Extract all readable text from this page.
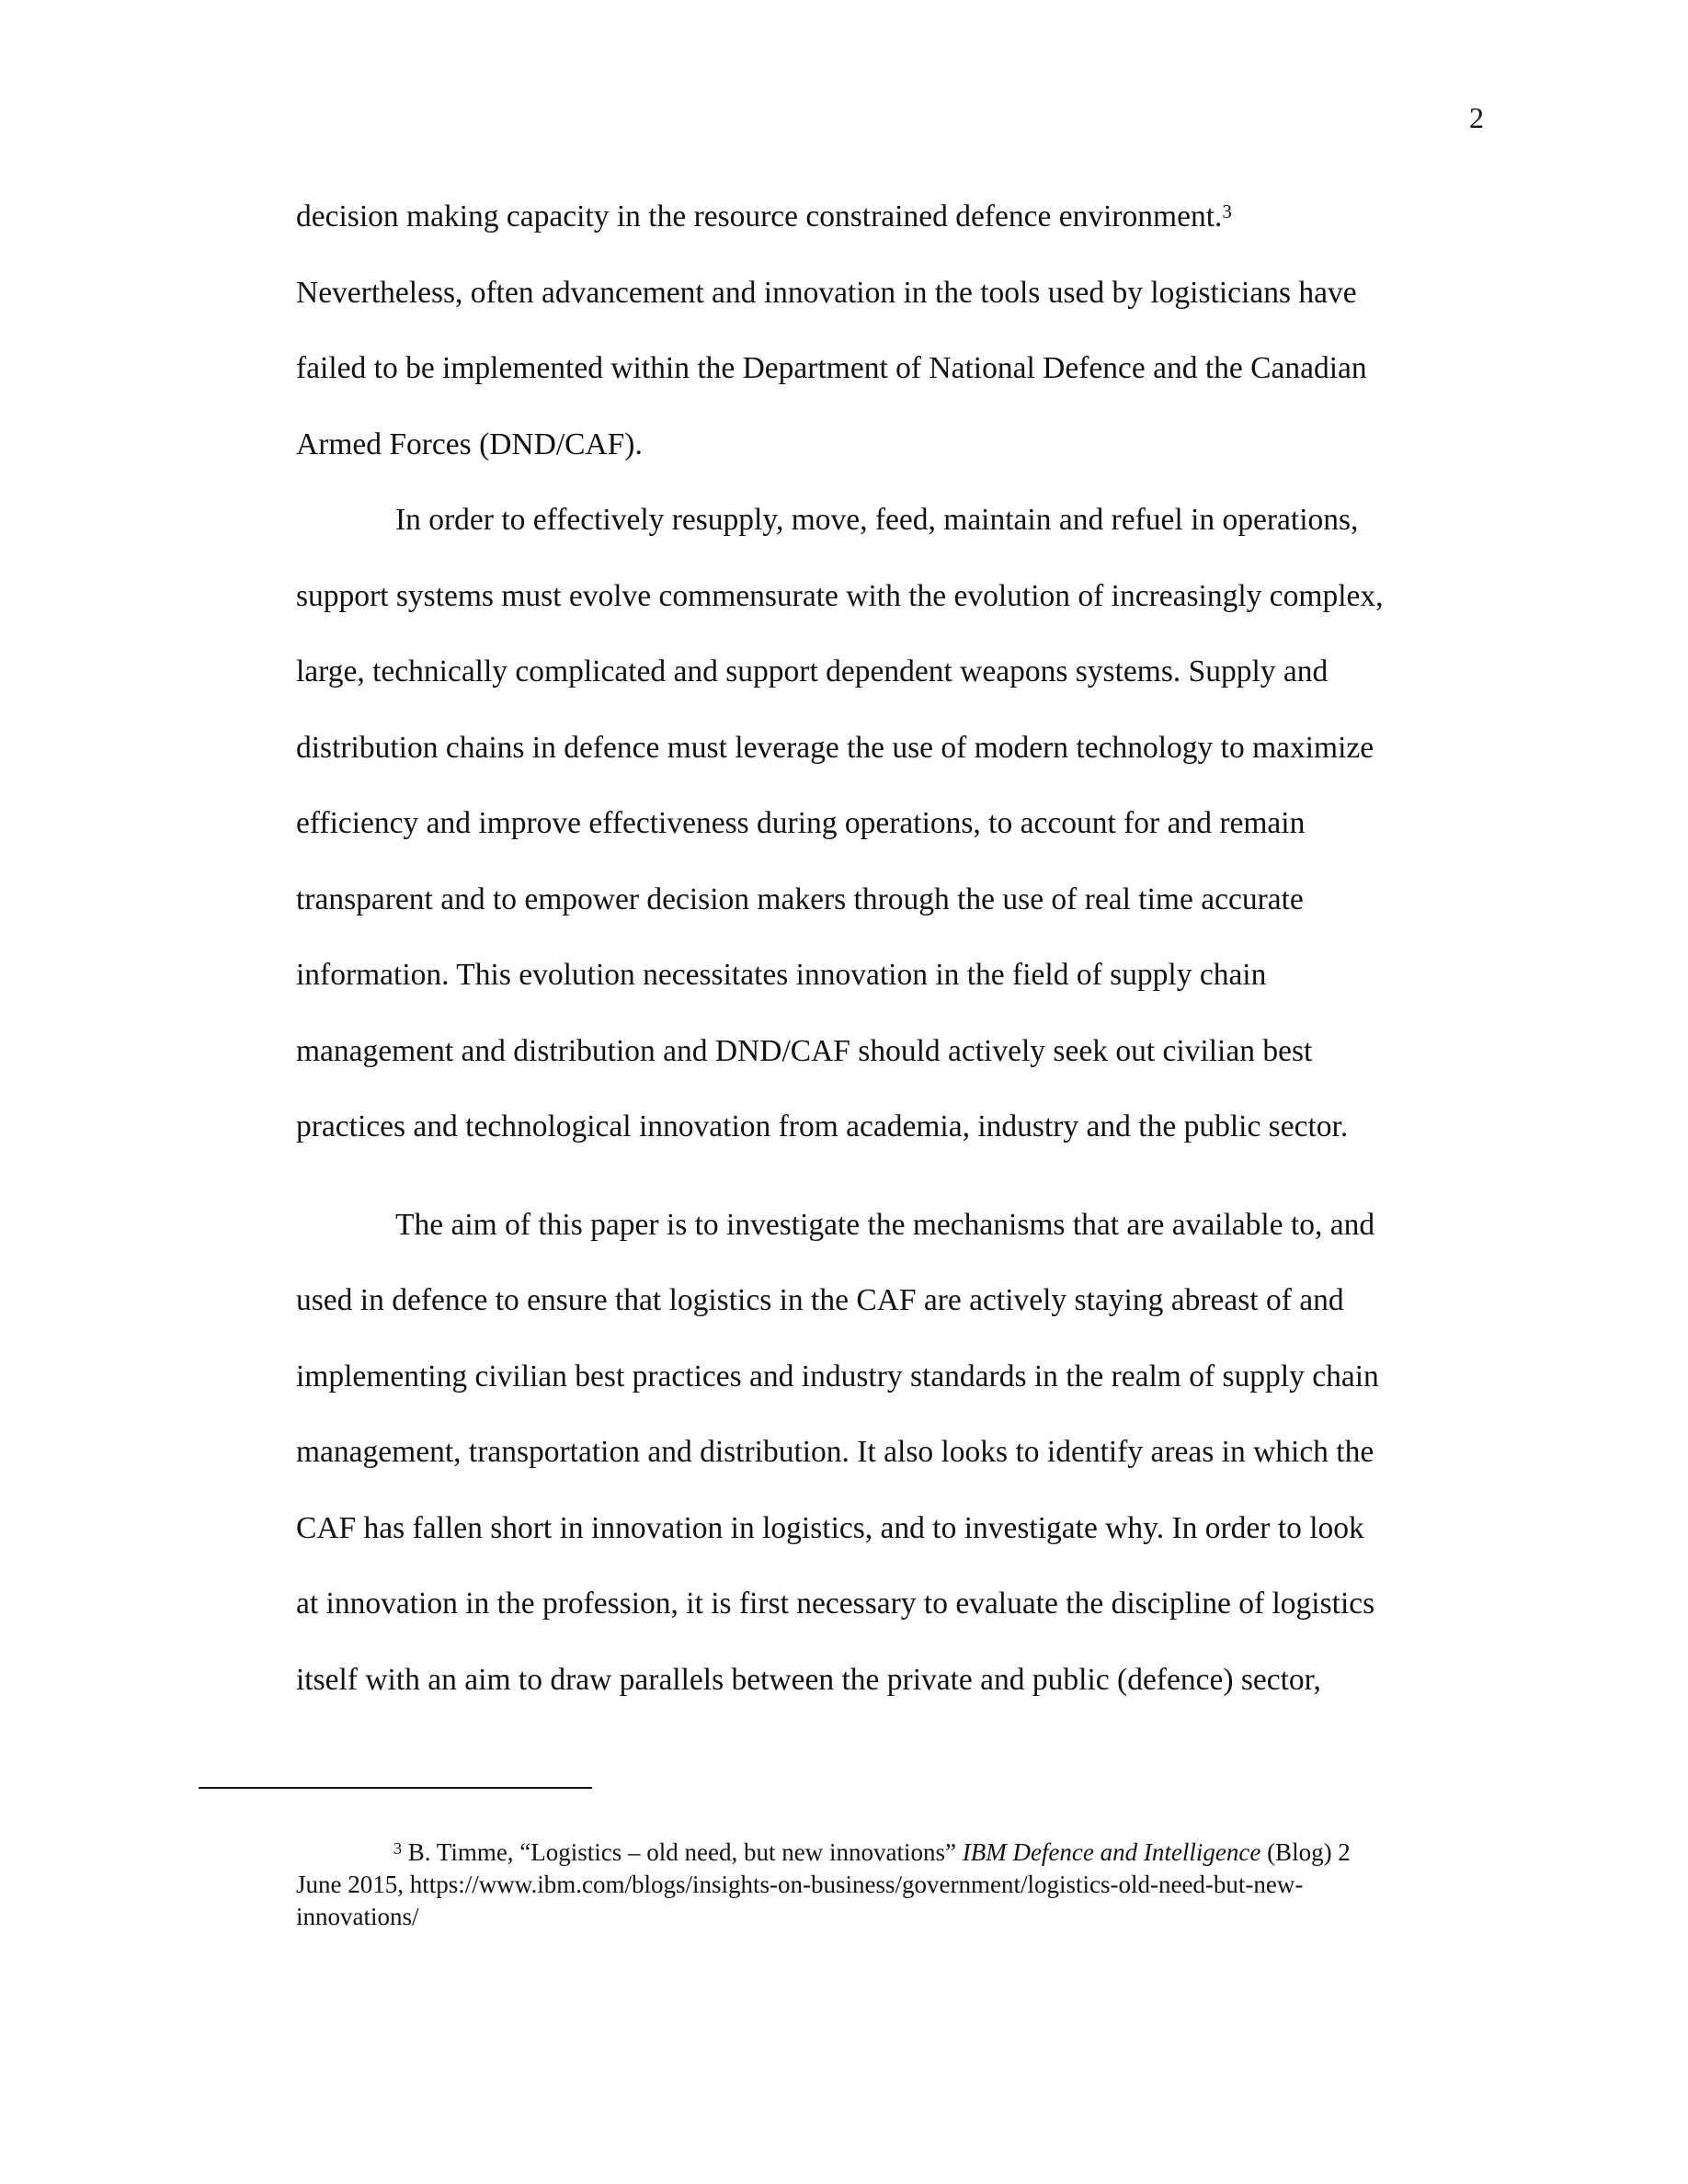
2
decision making capacity in the resource constrained defence environment.$^3$
Nevertheless, often advancement and innovation in the tools used by logisticians have
failed to be implemented within the Department of National Defence and the Canadian
Armed Forces (DND/CAF).
In order to effectively resupply, move, feed, maintain and refuel in operations,
support systems must evolve commensurate with the evolution of increasingly complex,
large, technically complicated and support dependent weapons systems. Supply and
distribution chains in defence must leverage the use of modern technology to maximize
efficiency and improve effectiveness during operations, to account for and remain
transparent and to empower decision makers through the use of real time accurate
information. This evolution necessitates innovation in the field of supply chain
management and distribution and DND/CAF should actively seek out civilian best
practices and technological innovation from academia, industry and the public sector.
The aim of this paper is to investigate the mechanisms that are available to, and
used in defence to ensure that logistics in the CAF are actively staying abreast of and
implementing civilian best practices and industry standards in the realm of supply chain
management, transportation and distribution. It also looks to identify areas in which the
CAF has fallen short in innovation in logistics, and to investigate why. In order to look
at innovation in the profession, it is first necessary to evaluate the discipline of logistics
itself with an aim to draw parallels between the private and public (defence) sector,
$^3$ B. Timme, “Logistics – old need, but new innovations” IBM Defence and Intelligence (Blog) 2
June 2015, https://www.ibm.com/blogs/insights-on-business/government/logistics-old-need-but-new-
innovations/
